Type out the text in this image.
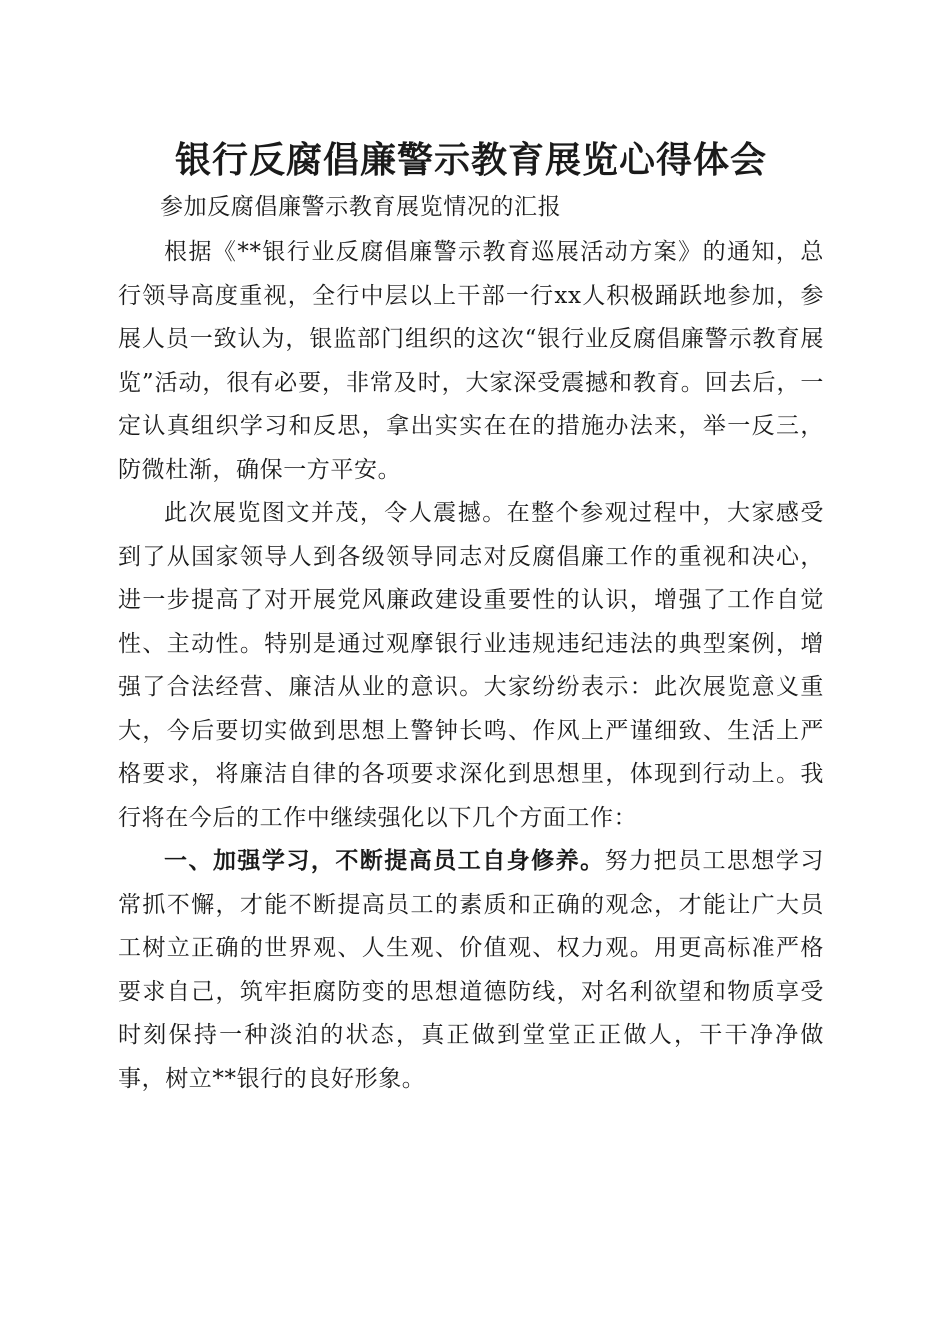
银行反腐倡廉警示教育展览心得体会

参加反腐倡廉警示教育展览情况的汇报

根据《**银行业反腐倡廉警示教育巡展活动方案》的通知，总行领导高度重视，全行中层以上干部一行xx人积极踊跃地参加，参展人员一致认为，银监部门组织的这次“银行业反腐倡廉警示教育展览”活动，很有必要，非常及时，大家深受震撼和教育。回去后，一定认真组织学习和反思，拿出实实在在的措施办法来，举一反三，防微杜渐，确保一方平安。

此次展览图文并茂，令人震撼。在整个参观过程中，大家感受到了从国家领导人到各级领导同志对反腐倡廉工作的重视和决心，进一步提高了对开展党风廉政建设重要性的认识，增强了工作自觉性、主动性。特别是通过观摩银行业违规违纪违法的典型案例，增强了合法经营、廉洁从业的意识。大家纷纷表示：此次展览意义重大，今后要切实做到思想上警钟长鸣、作风上严谨细致、生活上严格要求，将廉洁自律的各项要求深化到思想里，体现到行动上。我行将在今后的工作中继续强化以下几个方面工作：

一、加强学习，不断提高员工自身修养。努力把员工思想学习常抓不懈，才能不断提高员工的素质和正确的观念，才能让广大员工树立正确的世界观、人生观、价值观、权力观。用更高标准严格要求自己，筑牢拒腐防变的思想道德防线，对名利欲望和物质享受时刻保持一种淡泊的状态，真正做到堂堂正正做人，干干净净做事，树立**银行的良好形象。
